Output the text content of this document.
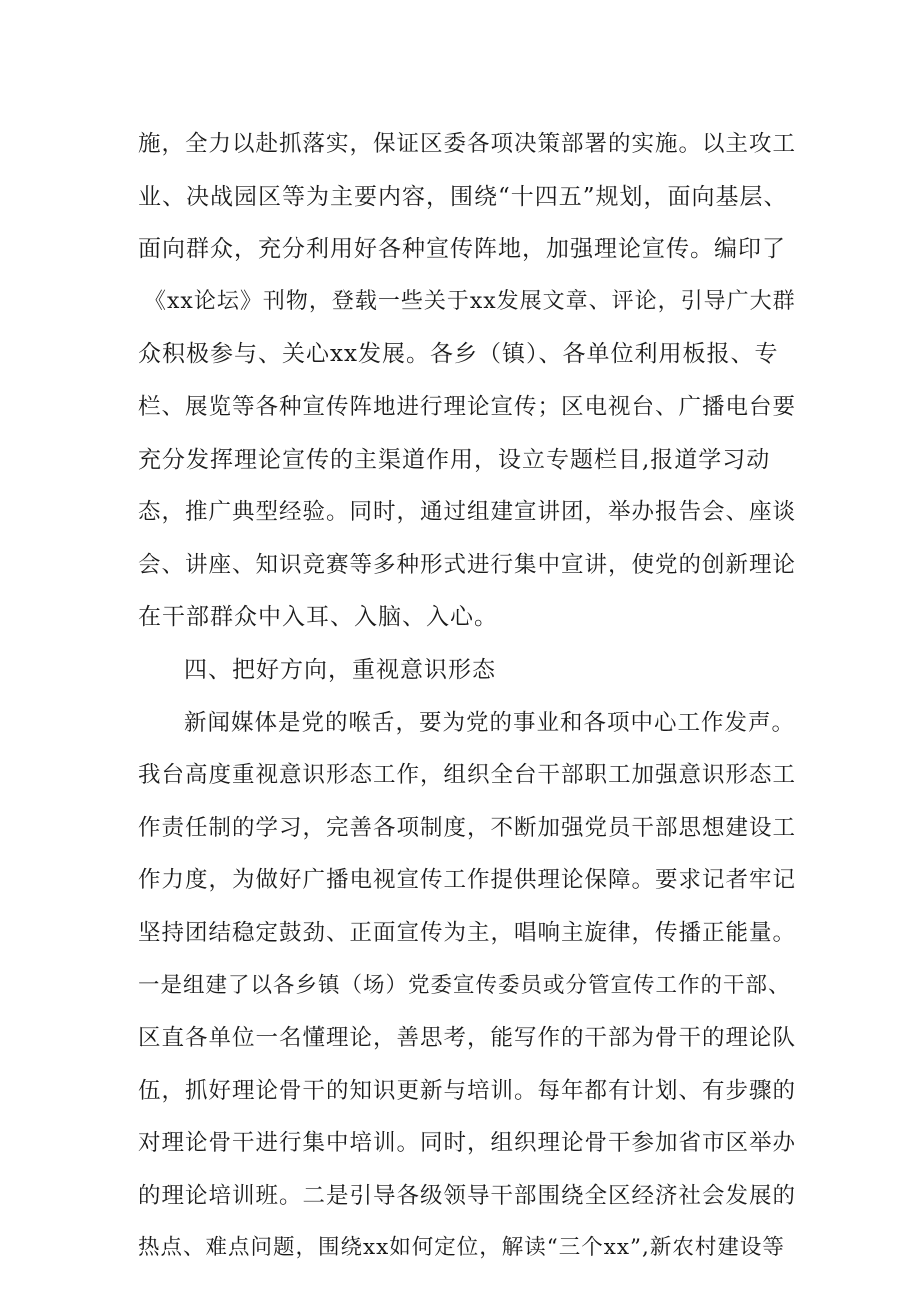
施，全力以赴抓落实，保证区委各项决策部署的实施。以主攻工
业、决战园区等为主要内容，围绕“十四五”规划，面向基层、
面向群众，充分利用好各种宣传阵地，加强理论宣传。编印了
《xx论坛》刊物，登载一些关于xx发展文章、评论，引导广大群
众积极参与、关心xx发展。各乡（镇）、各单位利用板报、专
栏、展览等各种宣传阵地进行理论宣传；区电视台、广播电台要
充分发挥理论宣传的主渠道作用，设立专题栏目,报道学习动
态，推广典型经验。同时，通过组建宣讲团，举办报告会、座谈
会、讲座、知识竞赛等多种形式进行集中宣讲，使党的创新理论
在干部群众中入耳、入脑、入心。
四、把好方向，重视意识形态
新闻媒体是党的喉舌，要为党的事业和各项中心工作发声。
我台高度重视意识形态工作，组织全台干部职工加强意识形态工
作责任制的学习，完善各项制度，不断加强党员干部思想建设工
作力度，为做好广播电视宣传工作提供理论保障。要求记者牢记
坚持团结稳定鼓劲、正面宣传为主，唱响主旋律，传播正能量。
一是组建了以各乡镇（场）党委宣传委员或分管宣传工作的干部、
区直各单位一名懂理论，善思考，能写作的干部为骨干的理论队
伍，抓好理论骨干的知识更新与培训。每年都有计划、有步骤的
对理论骨干进行集中培训。同时，组织理论骨干参加省市区举办
的理论培训班。二是引导各级领导干部围绕全区经济社会发展的
热点、难点问题，围绕xx如何定位，解读“三个xx”,新农村建设等
